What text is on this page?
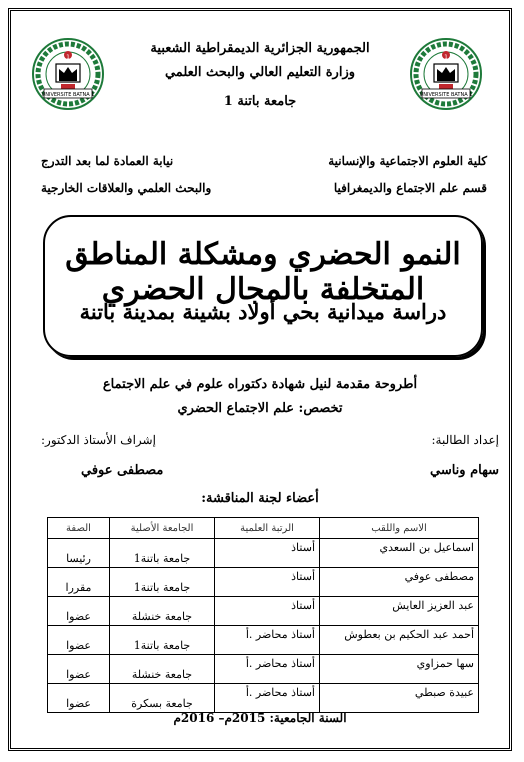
1
UNIVERSITE BATNA 1
1
UNIVERSITE BATNA 1
الجمهورية الجزائرية الديمقراطية الشعبية
وزارة التعليم العالي والبحث العلمي
جامعة باتنة 1
كلية العلوم الاجتماعية والإنسانية
قسم علم الاجتماع والديمغرافيا
نيابة العمادة لما بعد التدرج
والبحث العلمي والعلاقات الخارجية
النمو الحضري ومشكلة المناطق المتخلفة بالمجال الحضري
دراسة ميدانية بحي أولاد بشينة بمدينة باتنة
أطروحة مقدمة لنيل شهادة دكتوراه علوم في علم الاجتماع
تخصص: علم الاجتماع الحضري
إعداد الطالبة:
سهام وناسي
إشراف الأستاذ الدكتور:
مصطفى عوفي
أعضاء لجنة المناقشة:
الاسم واللقب	الرتبة العلمية	الجامعة الأصلية	الصفة
اسماعيل بن السعدي	أستاذ	جامعة باتنة1	رئيسا
مصطفى عوفي	أستاذ	جامعة باتنة1	مقررا
عبد العزيز العايش	أستاذ	جامعة خنشلة	عضوا
أحمد عبد الحكيم بن بعطوش	أستاذ محاضر .أ	جامعة باتنة1	عضوا
سها حمزاوي	أستاذ محاضر .أ	جامعة خنشلة	عضوا
عبيدة صبطي	أستاذ محاضر .أ	جامعة بسكرة	عضوا
السنة الجامعية: 2015م– 2016م
